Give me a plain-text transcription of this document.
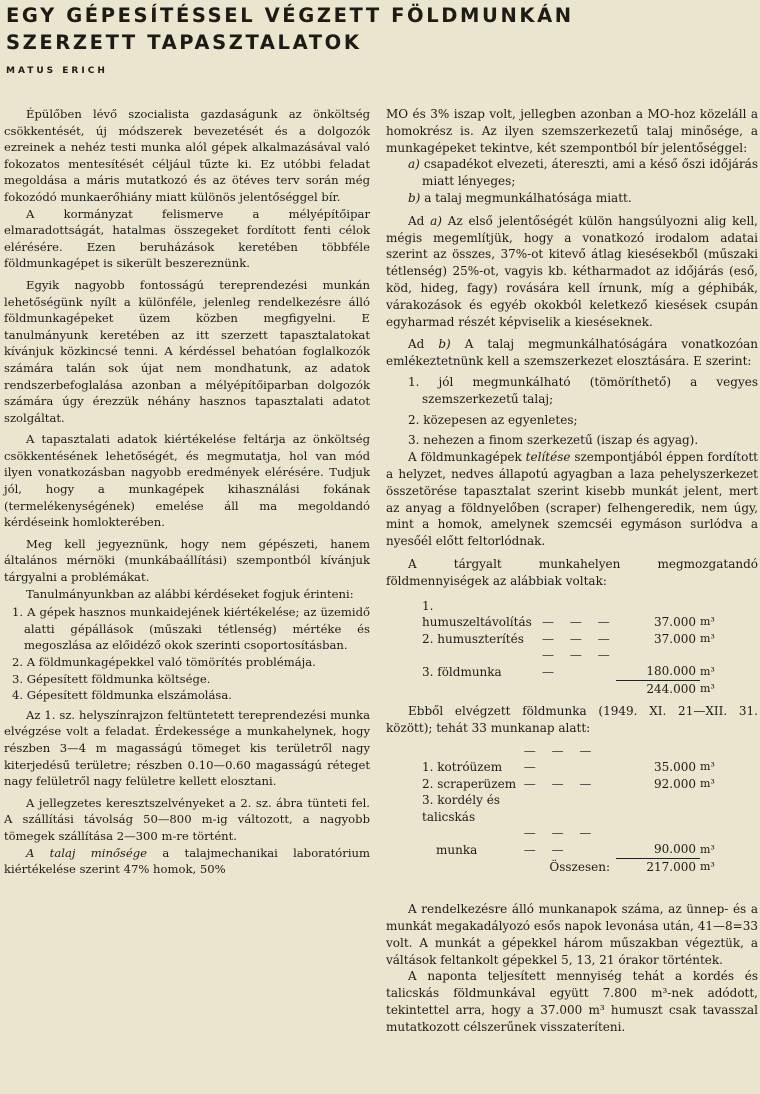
EGY GÉPESÍTÉSSEL VÉGZETT FÖLDMUNKÁN
SZERZETT TAPASZTALATOK
MATUS ERICH

Épülőben lévő szocialista gazdaságunk az önköltség csökkentését, új módszerek bevezetését és a dolgozók ezreinek a nehéz testi munka alól gépek alkalmazásával való fokozatos mentesítését céljául tűzte ki. Ez utóbbi feladat megoldása a máris mutatkozó és az ötéves terv során még fokozódó munkaerőhiány miatt különös jelentőséggel bír.

A kormányzat felismerve a mélyépítőipar elmaradottságát, hatalmas összegeket fordított fenti célok elérésére. Ezen beruházások keretében többféle földmunkagépet is sikerült beszereznünk.

Egyik nagyobb fontosságú tereprendezési munkán lehetőségünk nyílt a különféle, jelenleg rendelkezésre álló földmunkagépeket üzem közben megfigyelni. E tanulmányunk keretében az itt szerzett tapasztalatokat kívánjuk közkincsé tenni. A kérdéssel behatóan foglalkozók számára talán sok újat nem mondhatunk, az adatok rendszerbefoglalása azonban a mélyépítőiparban dolgozók számára úgy érezzük néhány hasznos tapasztalati adatot szolgáltat.

A tapasztalati adatok kiértékelése feltárja az önköltség csökkentésének lehetőségét, és megmutatja, hol van mód ilyen vonatkozásban nagyobb eredmények elérésére. Tudjuk jól, hogy a munkagépek kihasználási fokának (termelékenységének) emelése áll ma megoldandó kérdéseink homlokterében.

Meg kell jegyeznünk, hogy nem gépészeti, hanem általános mérnöki (munkábaállítási) szempontból kívánjuk tárgyalni a problémákat.

Tanulmányunkban az alábbi kérdéseket fogjuk érinteni:

1. A gépek hasznos munkaidejének kiértékelése; az üzemidő alatti gépállások (műszaki tétlenség) mértéke és megoszlása az előidéző okok szerinti csoportosításban.

2. A földmunkagépekkel való tömörítés problémája.

3. Gépesített földmunka költsége.

4. Gépesített földmunka elszámolása.

Az 1. sz. helyszínrajzon feltüntetett tereprendezési munka elvégzése volt a feladat. Érdekessége a munkahelynek, hogy részben 3—4 m magasságú tömeget kis területről nagy kiterjedésű területre; részben 0.10—0.60 magasságú réteget nagy felületről nagy felületre kellett elosztani.

A jellegzetes keresztszelvényeket a 2. sz. ábra tünteti fel. A szállítási távolság 50—800 m-ig változott, a nagyobb tömegek szállítása 2—300 m-re történt.

A talaj minősége a talajmechanikai laboratórium kiértékelése szerint 47% homok, 50%

MO és 3% iszap volt, jellegben azonban a MO-hoz közeláll a homokrész is. Az ilyen szemszerkezetű talaj minősége, a munkagépeket tekintve, két szempontból bír jelentőséggel:

a) csapadékot elvezeti, átereszti, ami a késő őszi időjárás miatt lényeges;

b) a talaj megmunkálhatósága miatt.

Ad a) Az első jelentőségét külön hangsúlyozni alig kell, mégis megemlítjük, hogy a vonatkozó irodalom adatai szerint az összes, 37%-ot kitevő átlag kiesésekből (műszaki tétlenség) 25%-ot, vagyis kb. kétharmadot az időjárás (eső, köd, hideg, fagy) rovására kell írnunk, míg a géphibák, várakozások és egyéb okokból keletkező kiesések csupán egyharmad részét képviselik a kieséseknek.

Ad b) A talaj megmunkálhatóságára vonatkozóan emlékeztetnünk kell a szemszerkezet elosztására. E szerint:

1. jól megmunkálható (tömöríthető) a vegyes szemszerkezetű talaj;

2. közepesen az egyenletes;

3. nehezen a finom szerkezetű (iszap és agyag).

A földmunkagépek telítése szempontjából éppen fordított a helyzet, nedves állapotú agyagban a laza pehelyszerkezet összetörése tapasztalat szerint kisebb munkát jelent, mert az anyag a földnyelőben (scraper) felhengeredik, nem úgy, mint a homok, amelynek szemcséi egymáson surlódva a nyesőél előtt feltorlódnak.

A tárgyalt munkahelyen megmozgatandó földmennyiségek az alábbiak voltak:

1. humuszeltávolítás	— — —	37.000	m³
2. humuszterítés	— — —	37.000	m³
3. földmunka	— — — —	180.000	m³
		244.000	m³

Ebből elvégzett földmunka (1949. XI. 21—XII. 31. között); tehát 33 munkanap alatt:

1. kotróüzem	— — — —	35.000	m³
2. scraperüzem	— — —	92.000	m³
3. kordély és talicskás			
munka	— — — — —	90.000	m³
	Összesen:	217.000	m³

A rendelkezésre álló munkanapok száma, az ünnep- és a munkát megakadályozó esős napok levonása után, 41—8=33 volt. A munkát a gépekkel három műszakban végeztük, a váltások feltankolt gépekkel 5, 13, 21 órakor történtek.

A naponta teljesített mennyiség tehát a kordés és talicskás földmunkával együtt 7.800 m³-nek adódott, tekintettel arra, hogy a 37.000 m³ humuszt csak tavasszal mutatkozott célszerűnek visszateríteni.
